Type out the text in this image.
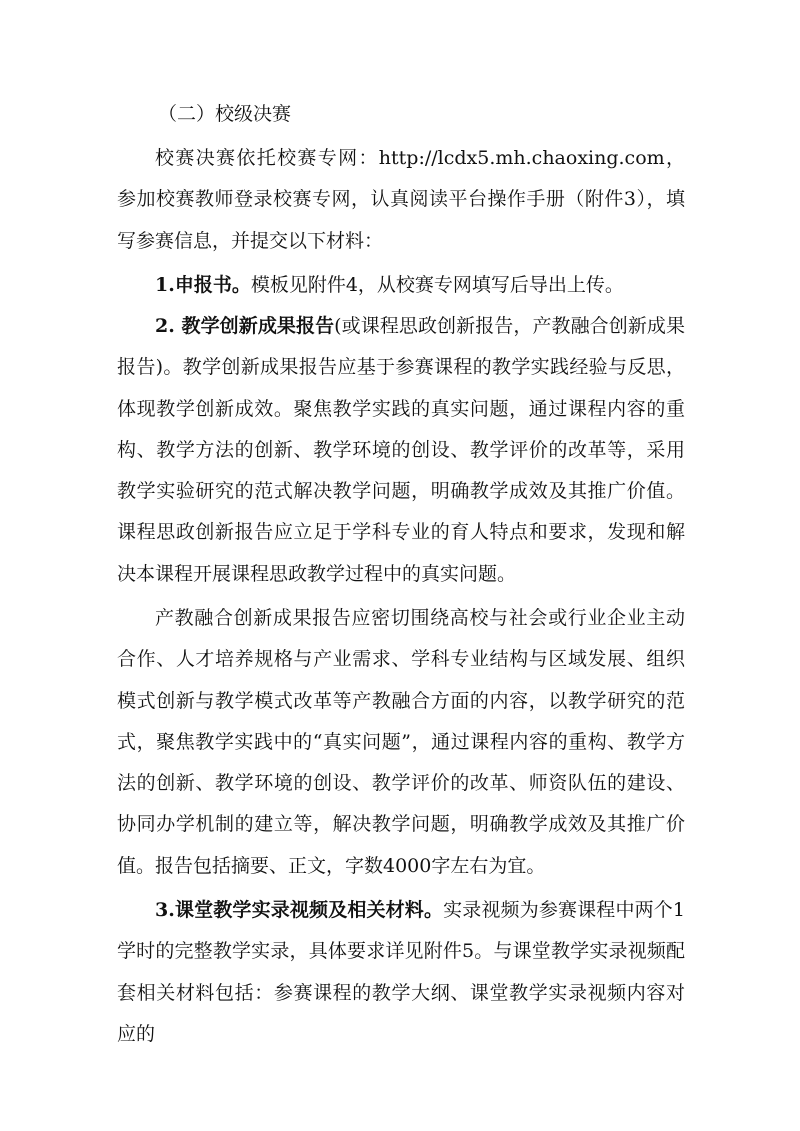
（二）校级决赛

校赛决赛依托校赛专网：http://lcdx5.mh.chaoxing.com，参加校赛教师登录校赛专网，认真阅读平台操作手册（附件3），填写参赛信息，并提交以下材料：

1.申报书。模板见附件4，从校赛专网填写后导出上传。

2. 教学创新成果报告(或课程思政创新报告，产教融合创新成果报告)。教学创新成果报告应基于参赛课程的教学实践经验与反思，体现教学创新成效。聚焦教学实践的真实问题，通过课程内容的重构、教学方法的创新、教学环境的创设、教学评价的改革等，采用教学实验研究的范式解决教学问题，明确教学成效及其推广价值。课程思政创新报告应立足于学科专业的育人特点和要求，发现和解决本课程开展课程思政教学过程中的真实问题。

产教融合创新成果报告应密切围绕高校与社会或行业企业主动合作、人才培养规格与产业需求、学科专业结构与区域发展、组织模式创新与教学模式改革等产教融合方面的内容，以教学研究的范式，聚焦教学实践中的“真实问题”，通过课程内容的重构、教学方法的创新、教学环境的创设、教学评价的改革、师资队伍的建设、协同办学机制的建立等，解决教学问题，明确教学成效及其推广价值。报告包括摘要、正文，字数4000字左右为宜。

3.课堂教学实录视频及相关材料。实录视频为参赛课程中两个1学时的完整教学实录，具体要求详见附件5。与课堂教学实录视频配套相关材料包括：参赛课程的教学大纲、课堂教学实录视频内容对应的
